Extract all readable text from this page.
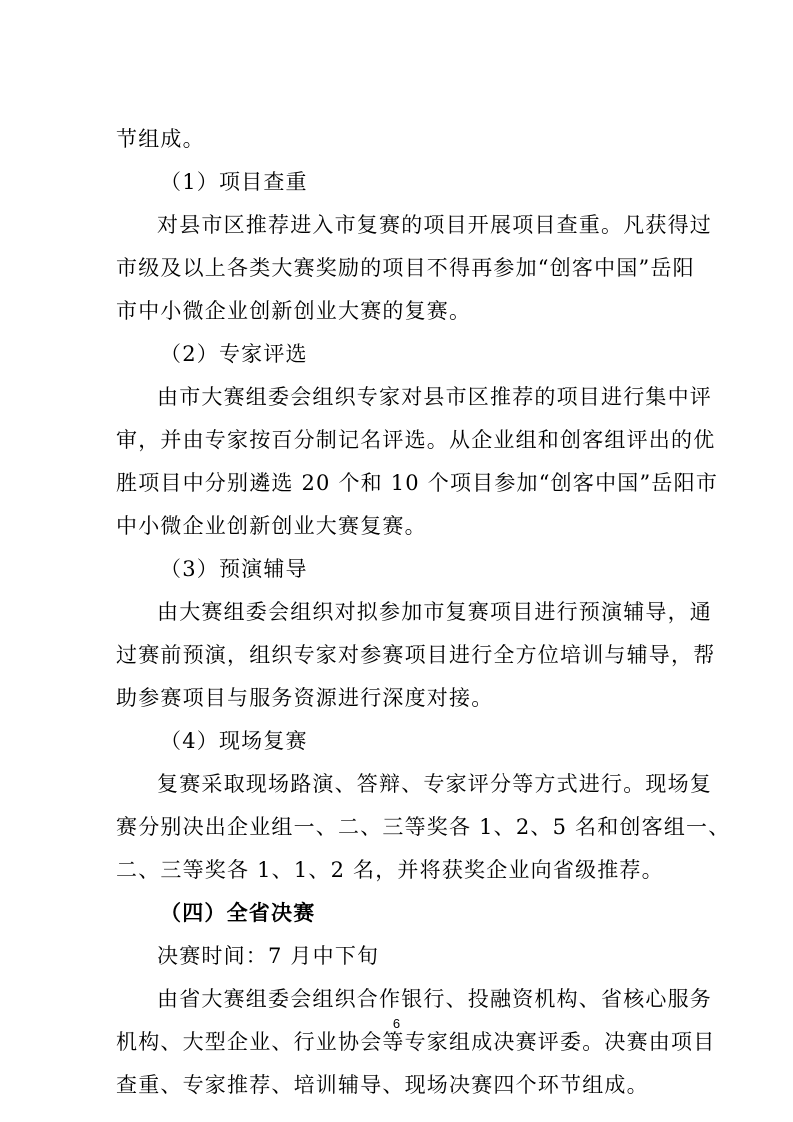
节组成。
（1）项目查重
对县市区推荐进入市复赛的项目开展项目查重。凡获得过
市级及以上各类大赛奖励的项目不得再参加“创客中国”岳阳
市中小微企业创新创业大赛的复赛。
（2）专家评选
由市大赛组委会组织专家对县市区推荐的项目进行集中评
审，并由专家按百分制记名评选。从企业组和创客组评出的优
胜项目中分别遴选 20 个和 10 个项目参加“创客中国”岳阳市
中小微企业创新创业大赛复赛。
（3）预演辅导
由大赛组委会组织对拟参加市复赛项目进行预演辅导，通
过赛前预演，组织专家对参赛项目进行全方位培训与辅导，帮
助参赛项目与服务资源进行深度对接。
（4）现场复赛
复赛采取现场路演、答辩、专家评分等方式进行。现场复
赛分别决出企业组一、二、三等奖各 1、2、5 名和创客组一、
二、三等奖各 1、1、2 名，并将获奖企业向省级推荐。
（四）全省决赛
决赛时间：7 月中下旬
由省大赛组委会组织合作银行、投融资机构、省核心服务
机构、大型企业、行业协会等专家组成决赛评委。决赛由项目
查重、专家推荐、培训辅导、现场决赛四个环节组成。
6
